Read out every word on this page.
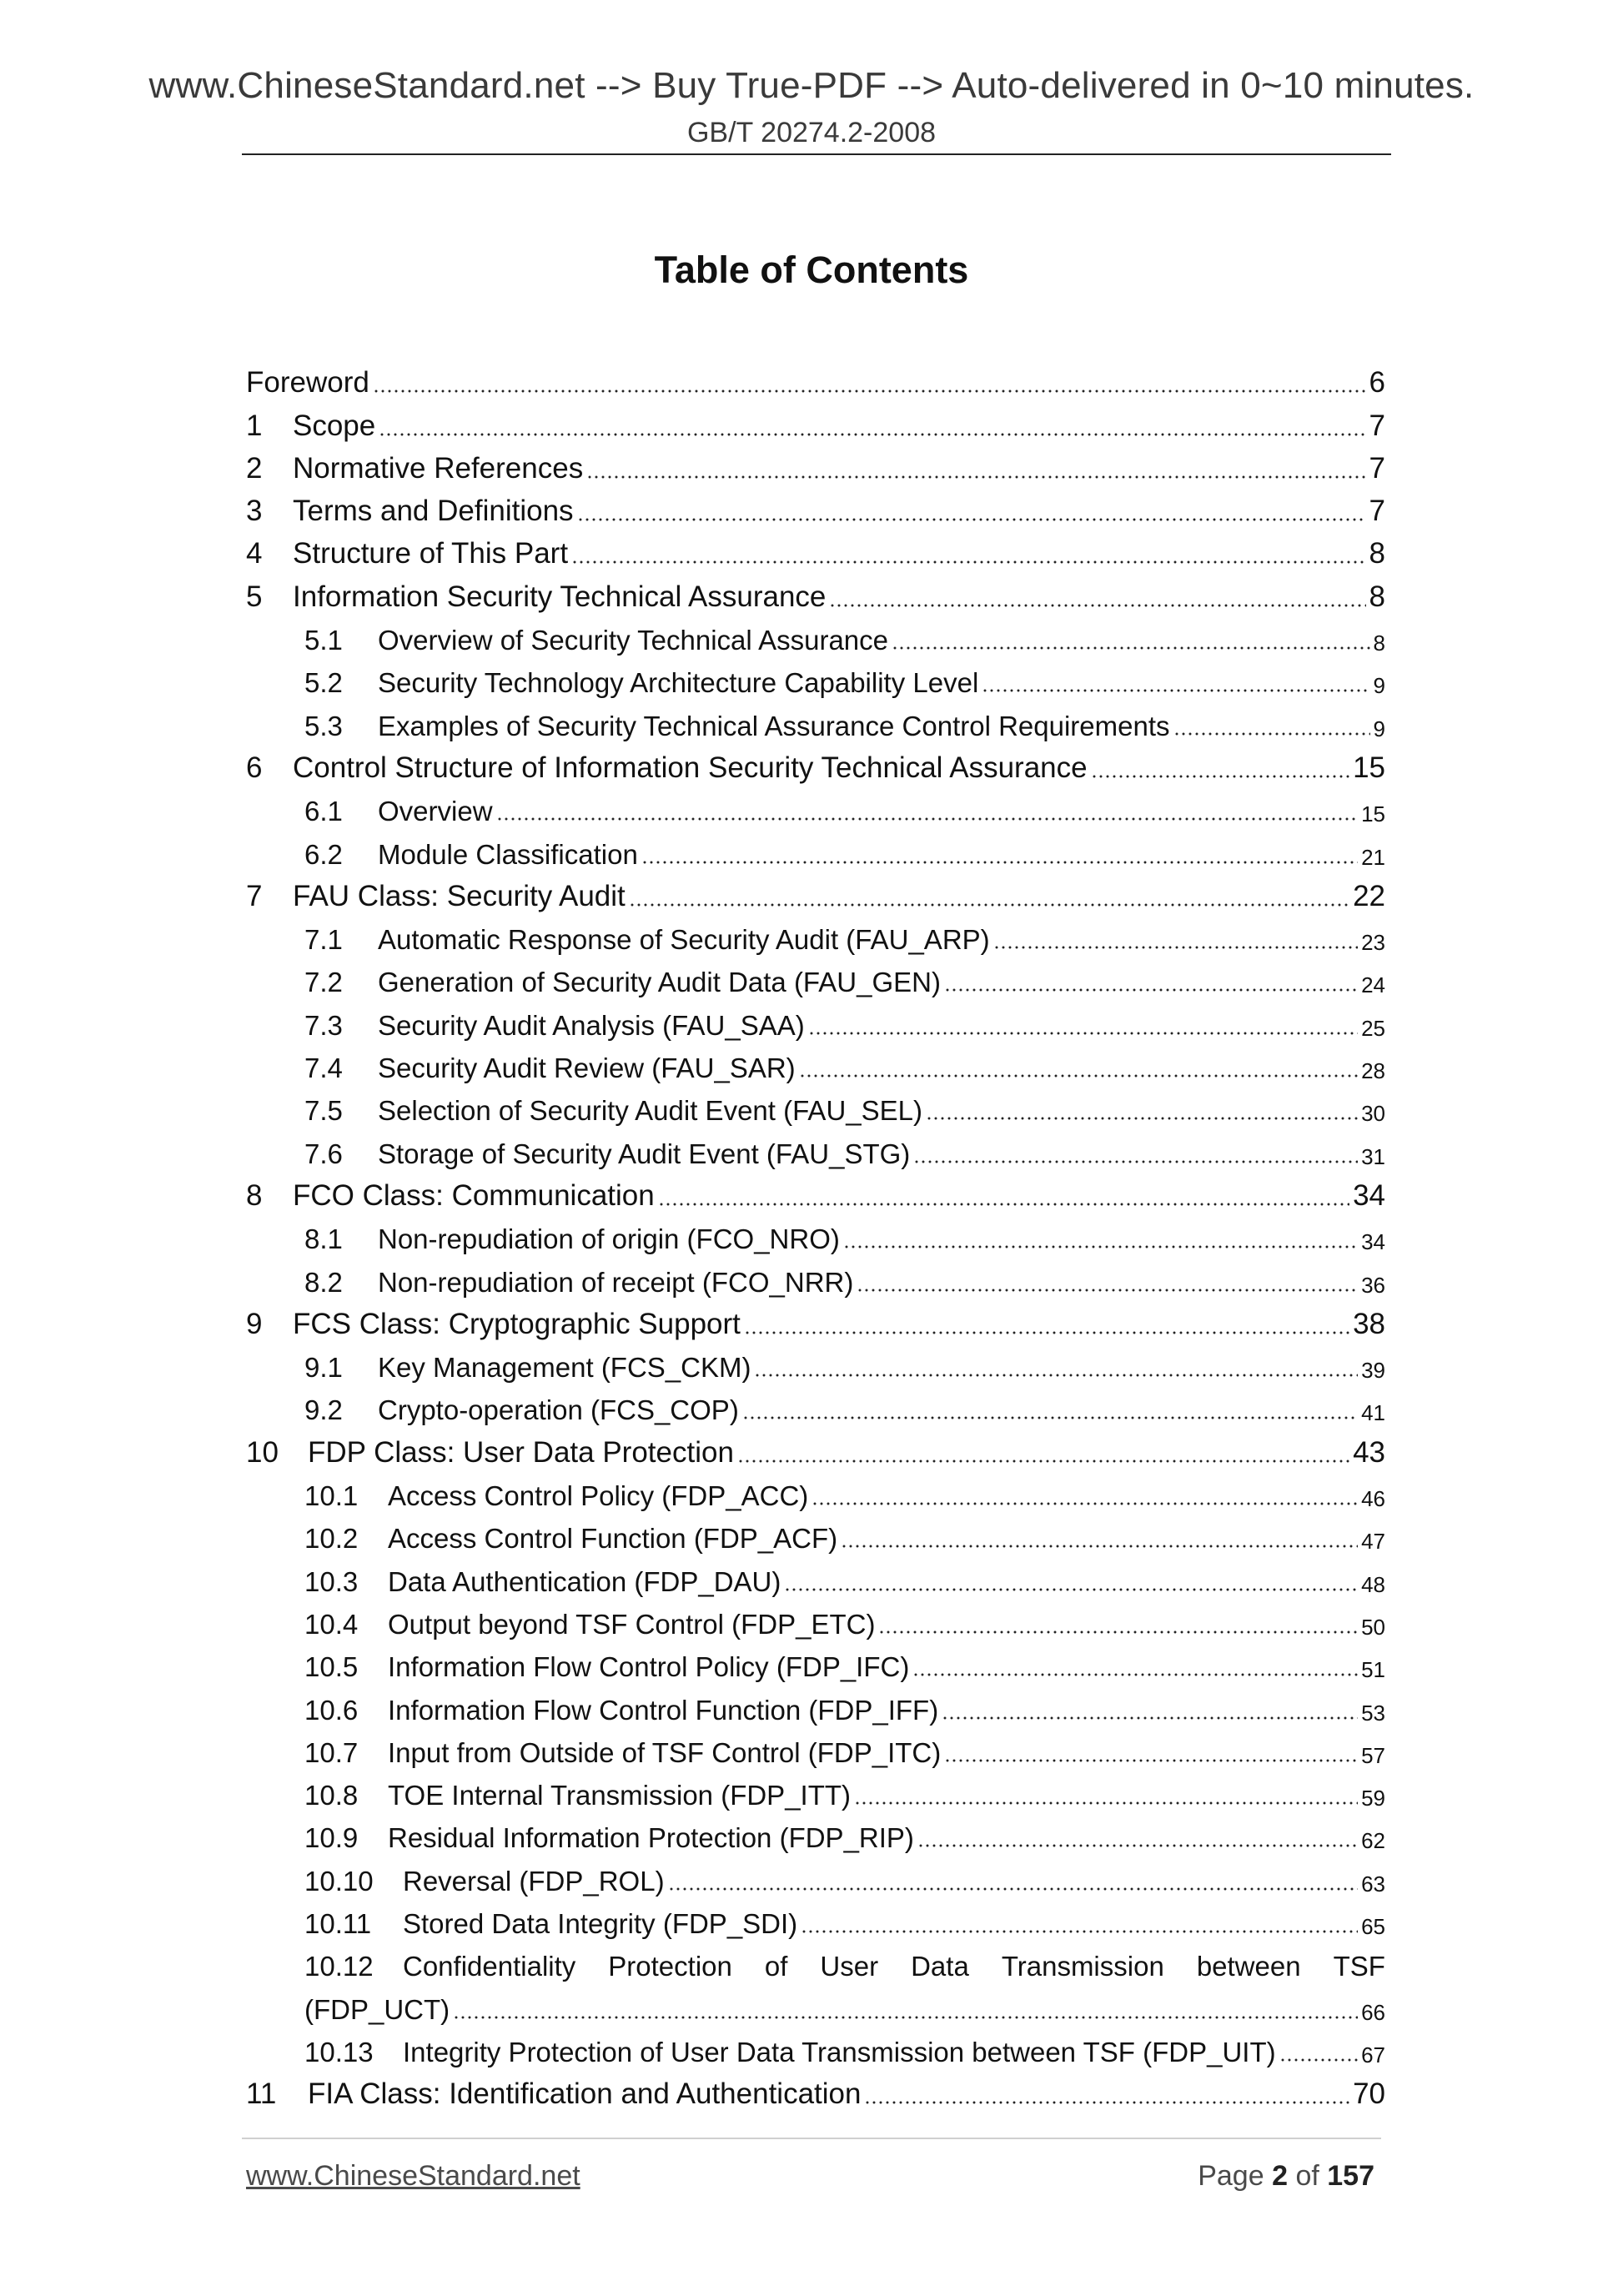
www.ChineseStandard.net --> Buy True-PDF --> Auto-delivered in 0~10 minutes.
GB/T 20274.2-2008
Table of Contents
Foreword	6
1	Scope	7
2	Normative References	7
3	Terms and Definitions	7
4	Structure of This Part	8
5	Information Security Technical Assurance	8
5.1	Overview of Security Technical Assurance	8
5.2	Security Technology Architecture Capability Level	9
5.3	Examples of Security Technical Assurance Control Requirements	9
6	Control Structure of Information Security Technical Assurance	15
6.1	Overview	15
6.2	Module Classification	21
7	FAU Class: Security Audit	22
7.1	Automatic Response of Security Audit (FAU_ARP)	23
7.2	Generation of Security Audit Data (FAU_GEN)	24
7.3	Security Audit Analysis (FAU_SAA)	25
7.4	Security Audit Review (FAU_SAR)	28
7.5	Selection of Security Audit Event (FAU_SEL)	30
7.6	Storage of Security Audit Event (FAU_STG)	31
8	FCO Class: Communication	34
8.1	Non-repudiation of origin (FCO_NRO)	34
8.2	Non-repudiation of receipt (FCO_NRR)	36
9	FCS Class: Cryptographic Support	38
9.1	Key Management (FCS_CKM)	39
9.2	Crypto-operation (FCS_COP)	41
10	FDP Class: User Data Protection	43
10.1	Access Control Policy (FDP_ACC)	46
10.2	Access Control Function (FDP_ACF)	47
10.3	Data Authentication (FDP_DAU)	48
10.4	Output beyond TSF Control (FDP_ETC)	50
10.5	Information Flow Control Policy (FDP_IFC)	51
10.6	Information Flow Control Function (FDP_IFF)	53
10.7	Input from Outside of TSF Control (FDP_ITC)	57
10.8	TOE Internal Transmission (FDP_ITT)	59
10.9	Residual Information Protection (FDP_RIP)	62
10.10	Reversal (FDP_ROL)	63
10.11	Stored Data Integrity (FDP_SDI)	65
10.12	Confidentiality Protection of User Data Transmission between TSF
(FDP_UCT)	66
10.13	Integrity Protection of User Data Transmission between TSF (FDP_UIT)	67
11	FIA Class: Identification and Authentication	70
www.ChineseStandard.net	Page 2 of 157
